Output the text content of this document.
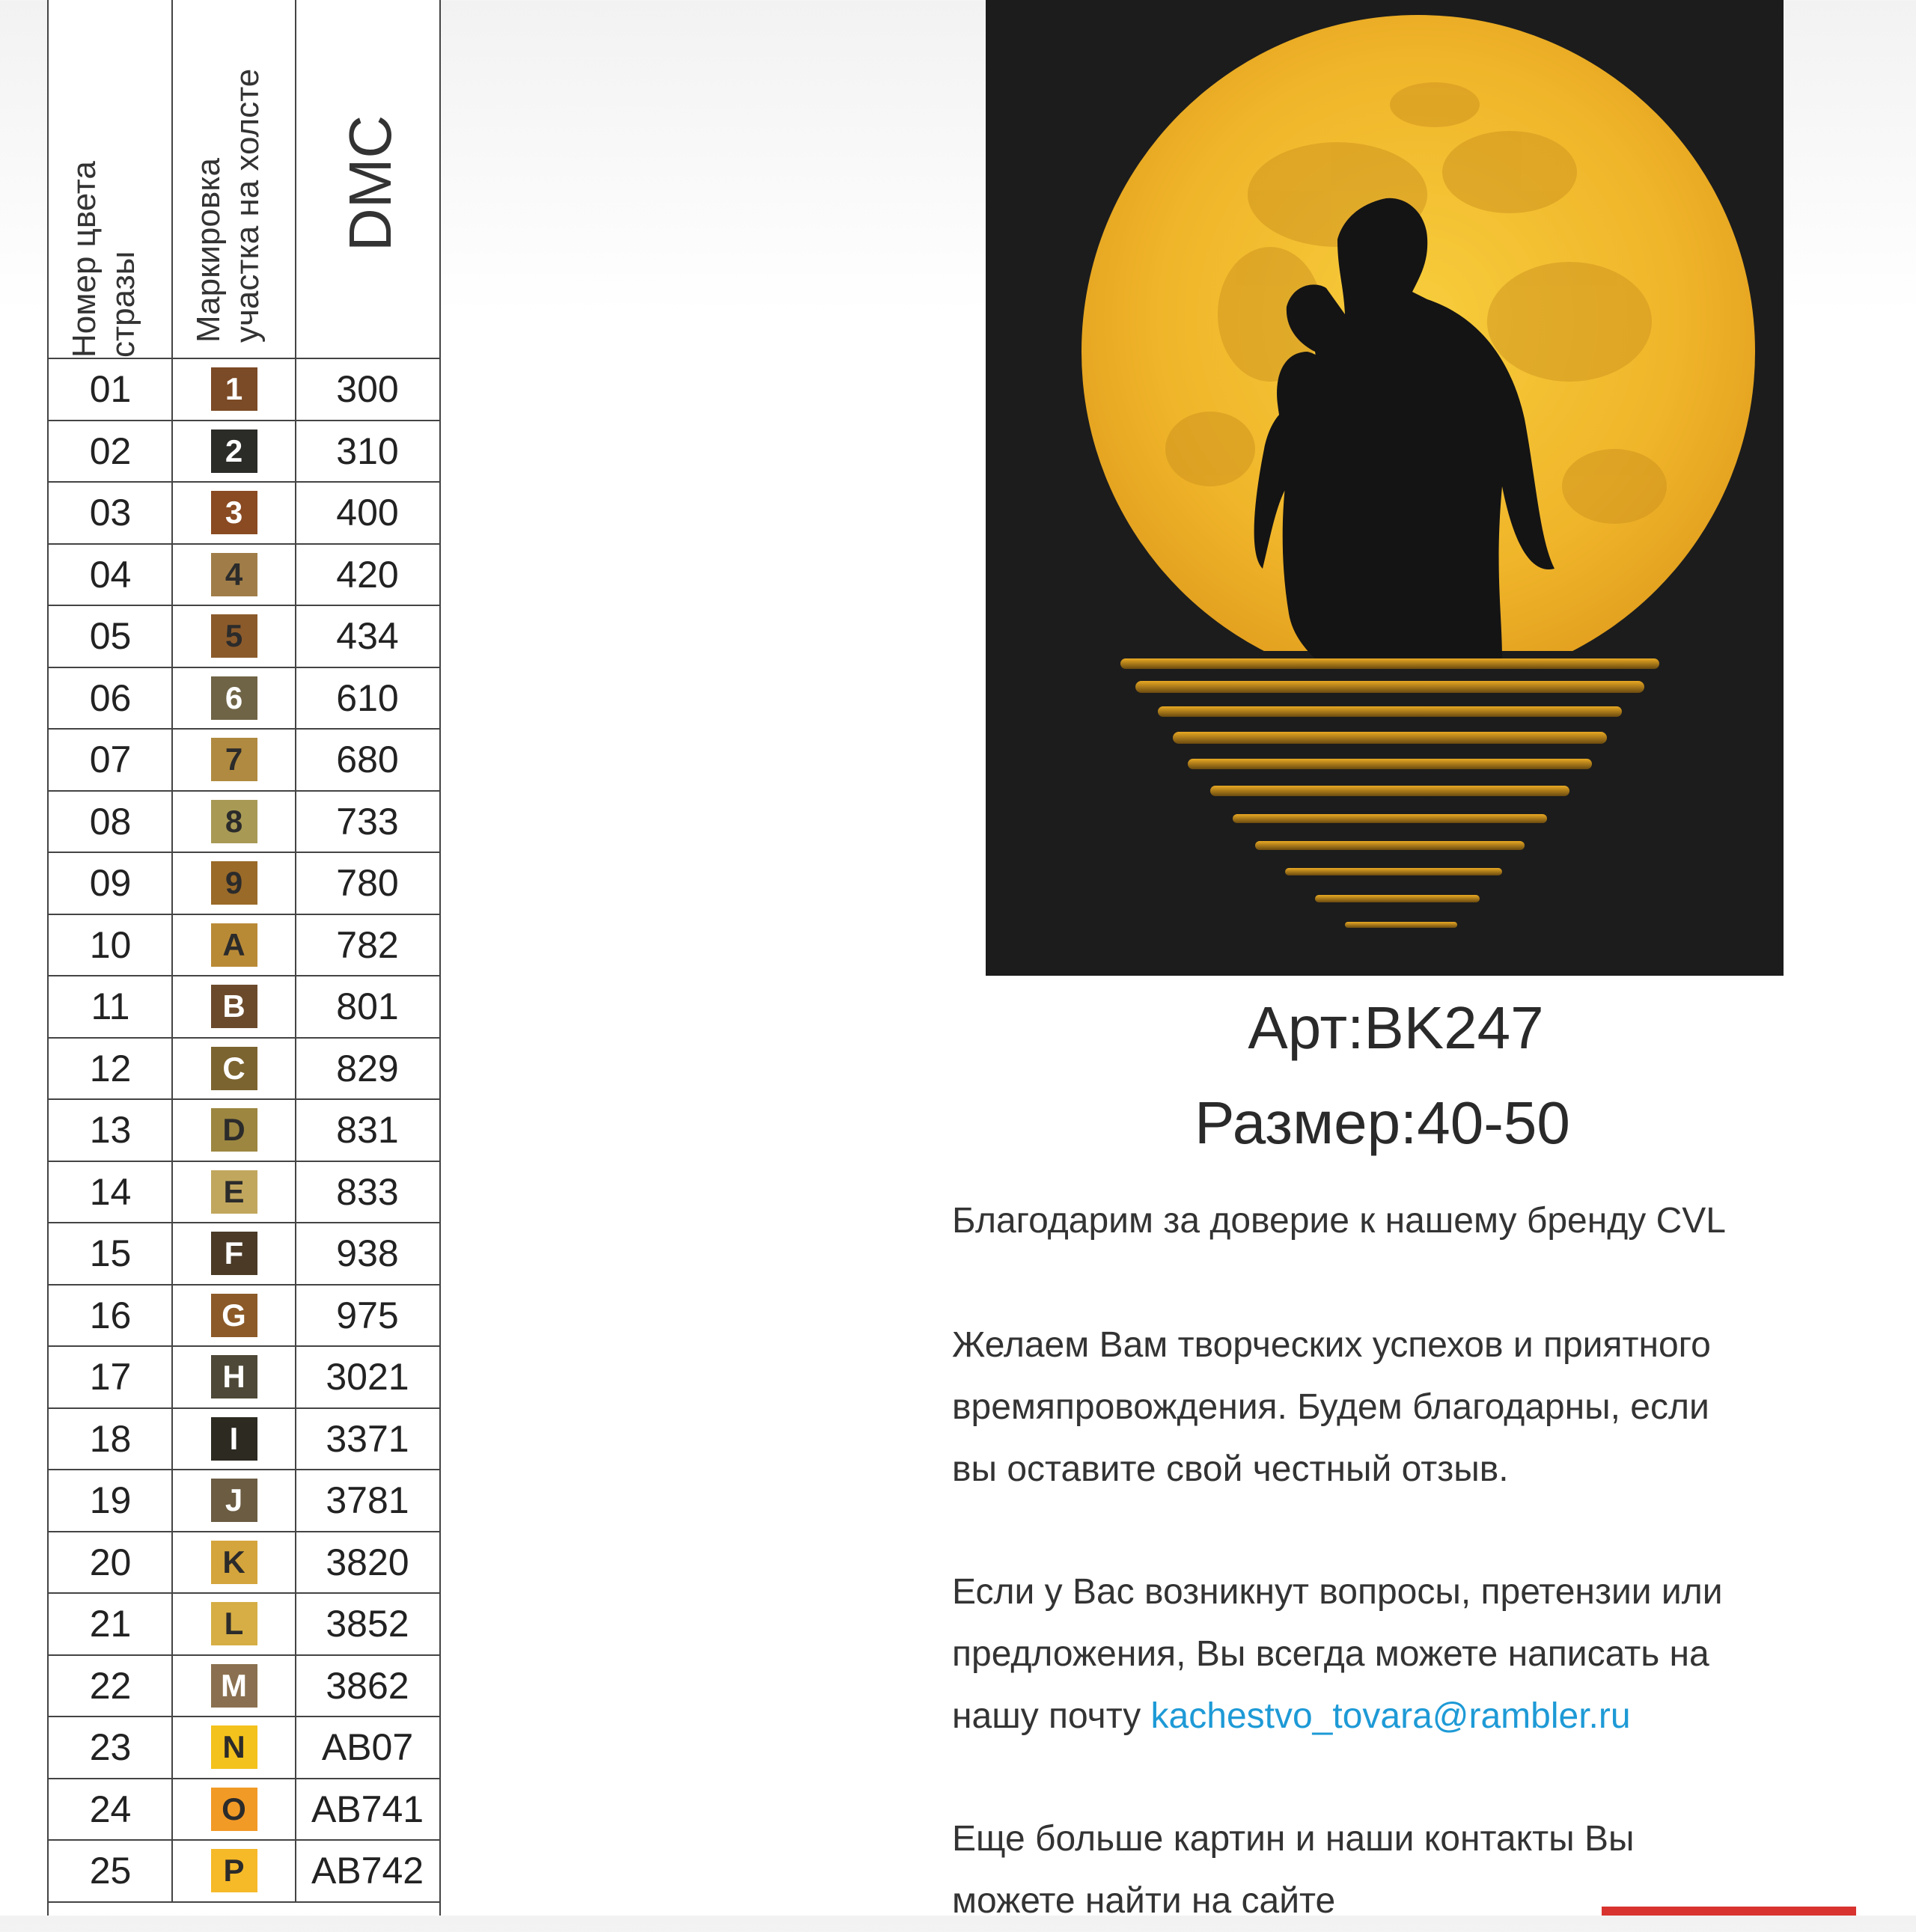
Номер цвета стразы Маркировка участка на холсте DMC
01	1	300
02	2	310
03	3	400
04	4	420
05	5	434
06	6	610
07	7	680
08	8	733
09	9	780
10	A	782
11	B	801
12	C	829
13	D	831
14	E	833
15	F	938
16	G	975
17	H	3021
18	I	3371
19	J	3781
20	K	3820
21	L	3852
22	M	3862
23	N	AB07
24	O	AB741
25	P	AB742
Арт:BK247
Размер:40-50
Благодарим за доверие к нашему бренду CVL
Желаем Вам творческих успехов и приятного
времяпровождения. Будем благодарны, если
вы оставите свой честный отзыв.
Если у Вас возникнут вопросы, претензии или
предложения, Вы всегда можете написать на
нашу почту kachestvo_tovara@rambler.ru
Еще больше картин и наши контакты Вы
можете найти на сайте
